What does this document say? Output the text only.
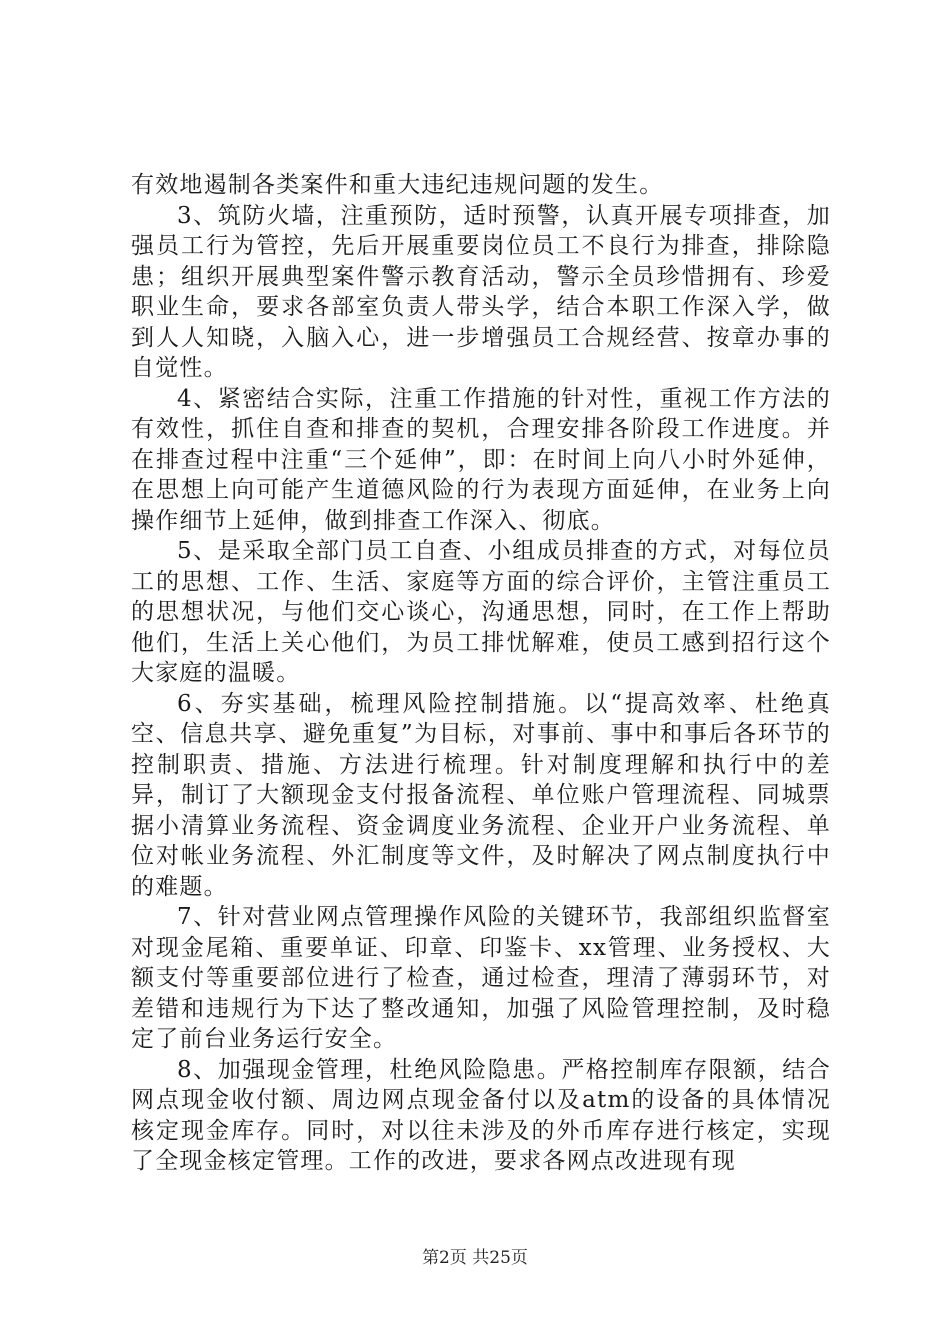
有效地遏制各类案件和重大违纪违规问题的发生。

3、筑防火墙，注重预防，适时预警，认真开展专项排查，加强员工行为管控，先后开展重要岗位员工不良行为排查，排除隐患；组织开展典型案件警示教育活动，警示全员珍惜拥有、珍爱职业生命，要求各部室负责人带头学，结合本职工作深入学，做到人人知晓，入脑入心，进一步增强员工合规经营、按章办事的自觉性。

4、紧密结合实际，注重工作措施的针对性，重视工作方法的有效性，抓住自查和排查的契机，合理安排各阶段工作进度。并在排查过程中注重“三个延伸”，即：在时间上向八小时外延伸，在思想上向可能产生道德风险的行为表现方面延伸，在业务上向操作细节上延伸，做到排查工作深入、彻底。

5、是采取全部门员工自查、小组成员排查的方式，对每位员工的思想、工作、生活、家庭等方面的综合评价，主管注重员工的思想状况，与他们交心谈心，沟通思想，同时，在工作上帮助他们，生活上关心他们，为员工排忧解难，使员工感到招行这个大家庭的温暖。

6、夯实基础，梳理风险控制措施。以“提高效率、杜绝真空、信息共享、避免重复”为目标，对事前、事中和事后各环节的控制职责、措施、方法进行梳理。针对制度理解和执行中的差异，制订了大额现金支付报备流程、单位账户管理流程、同城票据小清算业务流程、资金调度业务流程、企业开户业务流程、单位对帐业务流程、外汇制度等文件，及时解决了网点制度执行中的难题。

7、针对营业网点管理操作风险的关键环节，我部组织监督室对现金尾箱、重要单证、印章、印鉴卡、xx管理、业务授权、大额支付等重要部位进行了检查，通过检查，理清了薄弱环节，对差错和违规行为下达了整改通知，加强了风险管理控制，及时稳定了前台业务运行安全。

8、加强现金管理，杜绝风险隐患。严格控制库存限额，结合网点现金收付额、周边网点现金备付以及atm的设备的具体情况核定现金库存。同时，对以往未涉及的外币库存进行核定，实现了全现金核定管理。工作的改进，要求各网点改进现有现

第2页 共25页
